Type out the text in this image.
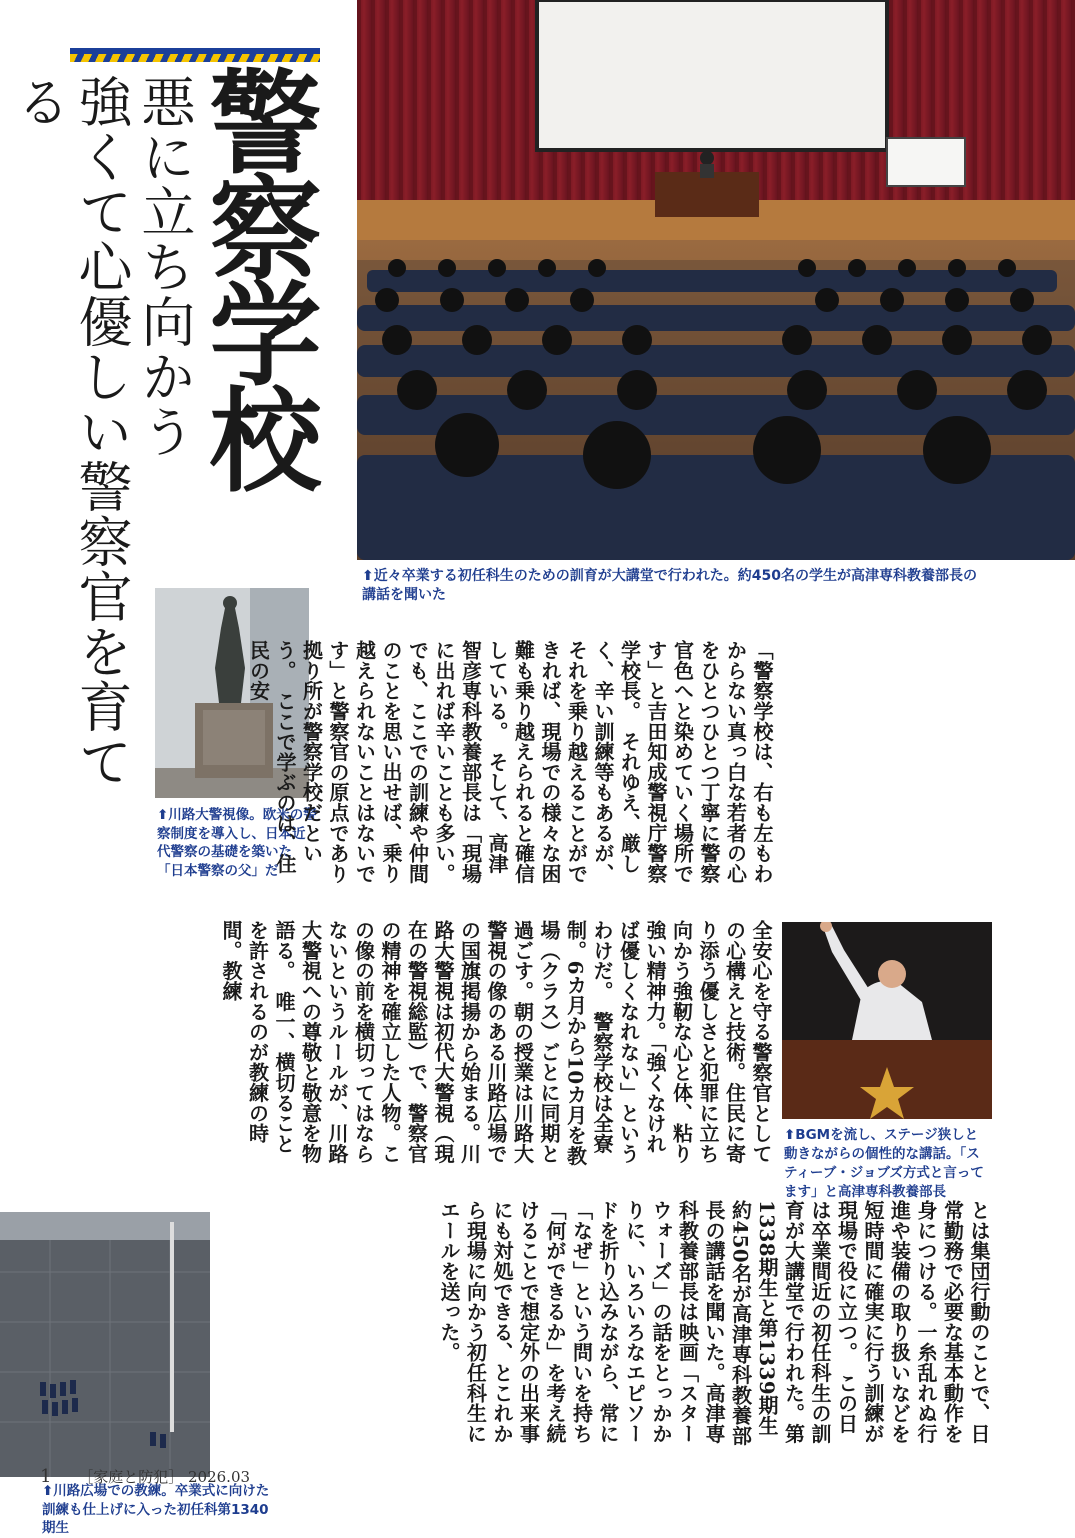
警察学校
悪に立ち向かう
強くて心優しい警察官を育てる
⬆近々卒業する初任科生のための訓育が大講堂で行われた。約450名の学生が高津専科教養部長の講話を聞いた
⬆川路大警視像。欧米の警察制度を導入し、日本近代警察の基礎を築いた「日本警察の父」だ
⬆BGMを流し、ステージ狭しと動きながらの個性的な講話。「スティーブ・ジョブズ方式と言ってます」と高津専科教養部長
⬆川路広場での教練。卒業式に向けた訓練も仕上げに入った初任科第1340期生
「警察学校は、右も左もわからない真っ白な若者の心をひとつひとつ丁寧に警察官色へと染めていく場所です」と吉田知成警視庁警察学校長。　それゆえ、厳しく、辛い訓練等もあるが、それを乗り越えることができれば、現場での様々な困難も乗り越えられると確信している。　そして、高津智彦専科教養部長は「現場に出れば辛いことも多い。でも、ここでの訓練や仲間のことを思い出せば、乗り越えられないことはないです」と警察官の原点であり拠り所が警察学校だという。　ここで学ぶのは、住民の安
全安心を守る警察官としての心構えと技術。住民に寄り添う優しさと犯罪に立ち向かう強靭な心と体、粘り強い精神力。「強くなければ優しくなれない」というわけだ。　警察学校は全寮制。6カ月から10カ月を教場（クラス）ごとに同期と過ごす。朝の授業は川路大警視の像のある川路広場での国旗掲揚から始まる。川路大警視は初代大警視（現在の警視総監）で、警察官の精神を確立した人物。この像の前を横切ってはならないというルールが、川路大警視への尊敬と敬意を物語る。　唯一、横切ることを許されるのが教練の時間。教練
とは集団行動のことで、日常勤務で必要な基本動作を身につける。一糸乱れぬ行進や装備の取り扱いなどを短時間に確実に行う訓練が現場で役に立つ。　この日は卒業間近の初任科生の訓育が大講堂で行われた。第1338期生と第1339期生約450名が高津専科教養部長の講話を聞いた。高津専科教養部長は映画「スターウォーズ」の話をとっかかりに、いろいろなエピソードを折り込みながら、常に「なぜ」という問いを持ち「何ができるか」を考え続けることで想定外の出来事にも対処できる、とこれから現場に向かう初任科生にエールを送った。
1 ［家庭と防犯］ 2026.03
